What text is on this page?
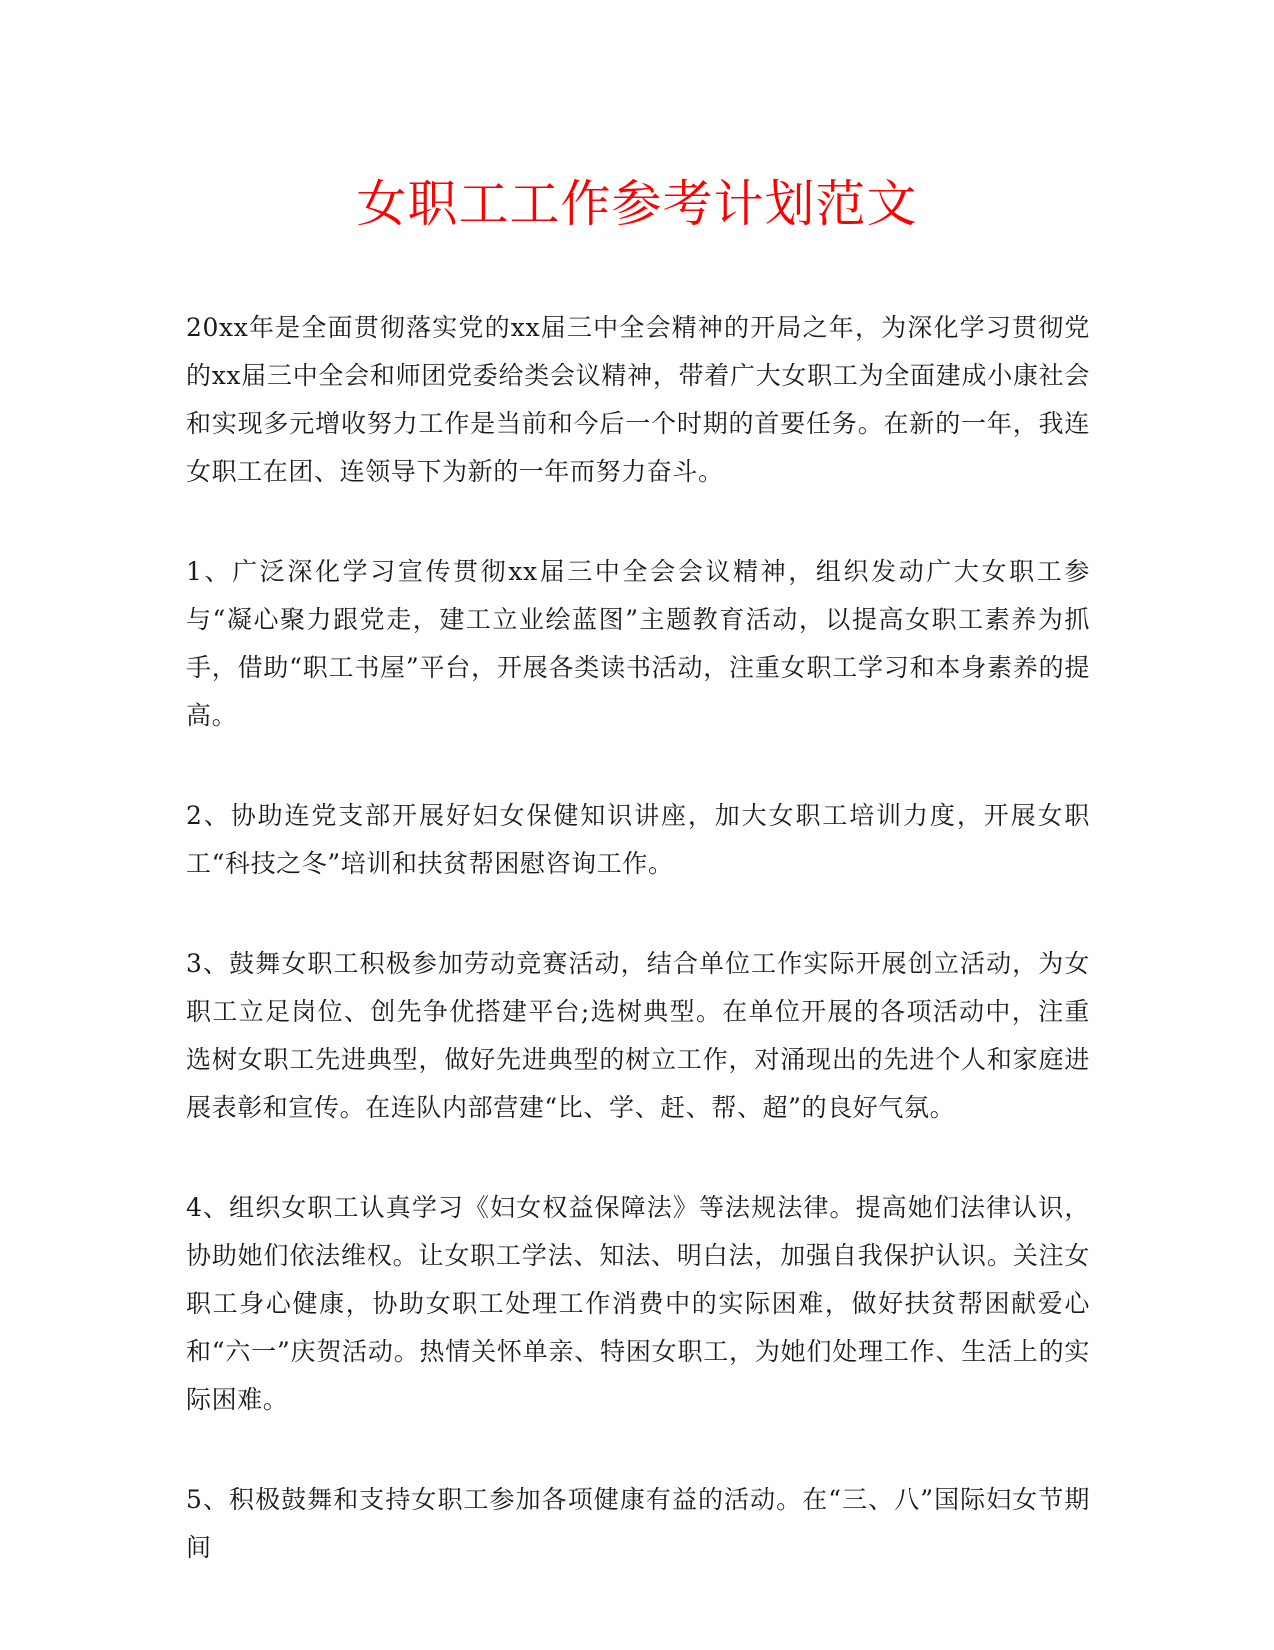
女职工工作参考计划范文

20xx年是全面贯彻落实党的xx届三中全会精神的开局之年，为深化学习贯彻党的xx届三中全会和师团党委给类会议精神，带着广大女职工为全面建成小康社会和实现多元增收努力工作是当前和今后一个时期的首要任务。在新的一年，我连女职工在团、连领导下为新的一年而努力奋斗。

1、广泛深化学习宣传贯彻xx届三中全会会议精神，组织发动广大女职工参与“凝心聚力跟党走，建工立业绘蓝图”主题教育活动，以提高女职工素养为抓手，借助“职工书屋”平台，开展各类读书活动，注重女职工学习和本身素养的提高。

2、协助连党支部开展好妇女保健知识讲座，加大女职工培训力度，开展女职工“科技之冬”培训和扶贫帮困慰咨询工作。

3、鼓舞女职工积极参加劳动竞赛活动，结合单位工作实际开展创立活动，为女职工立足岗位、创先争优搭建平台;选树典型。在单位开展的各项活动中，注重选树女职工先进典型，做好先进典型的树立工作，对涌现出的先进个人和家庭进展表彰和宣传。在连队内部营建“比、学、赶、帮、超”的良好气氛。

4、组织女职工认真学习《妇女权益保障法》等法规法律。提高她们法律认识，协助她们依法维权。让女职工学法、知法、明白法，加强自我保护认识。关注女职工身心健康，协助女职工处理工作消费中的实际困难，做好扶贫帮困献爱心和“六一”庆贺活动。热情关怀单亲、特困女职工，为她们处理工作、生活上的实际困难。

5、积极鼓舞和支持女职工参加各项健康有益的活动。在“三、八”国际妇女节期间
